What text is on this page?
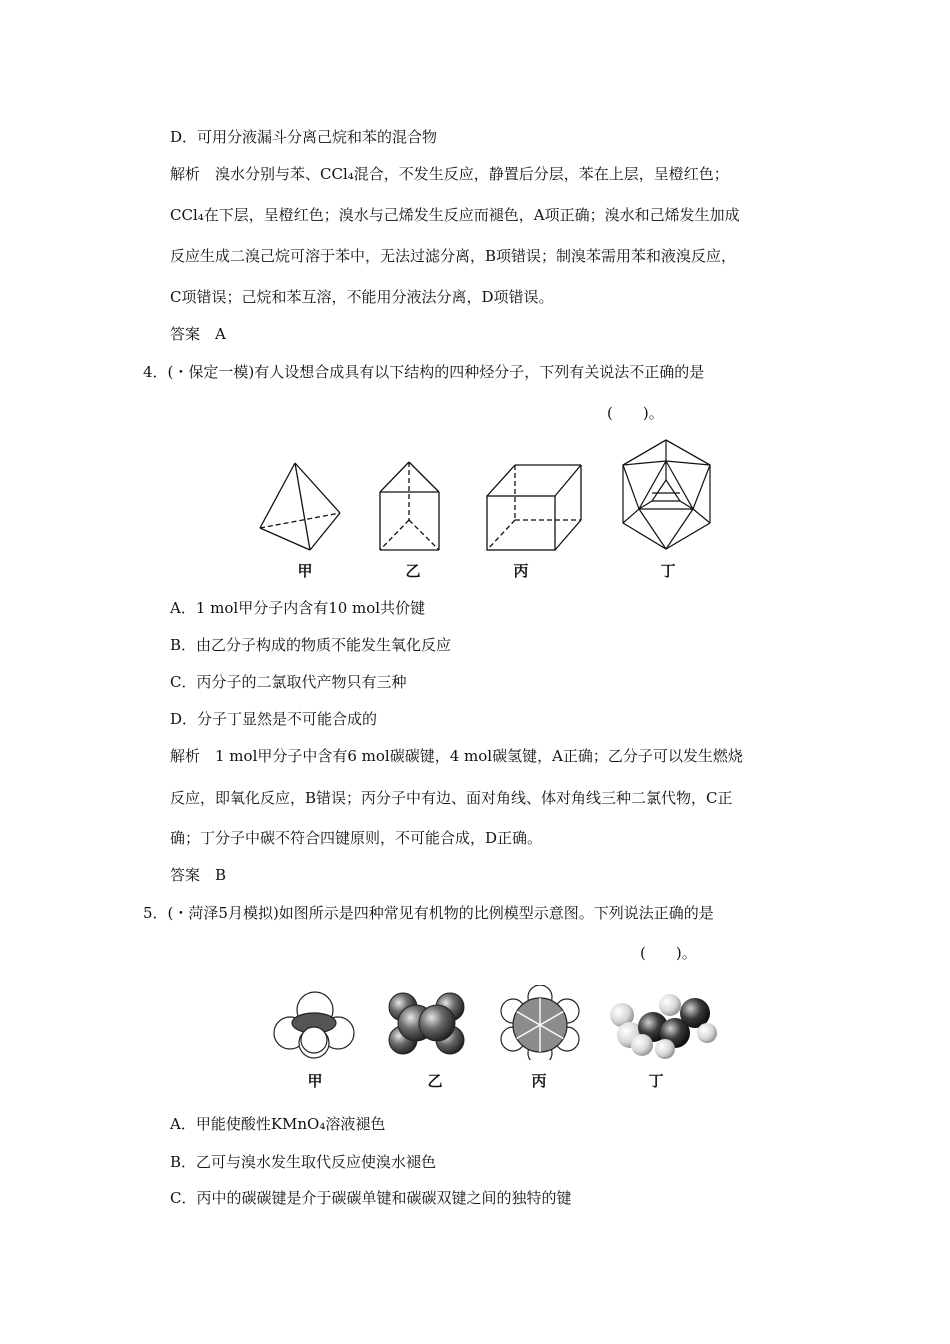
D．可用分液漏斗分离己烷和苯的混合物
解析　溴水分别与苯、CCl₄混合，不发生反应，静置后分层，苯在上层，呈橙红色；
CCl₄在下层，呈橙红色；溴水与己烯发生反应而褪色，A项正确；溴水和己烯发生加成
反应生成二溴己烷可溶于苯中，无法过滤分离，B项错误；制溴苯需用苯和液溴反应，
C项错误；己烷和苯互溶，不能用分液法分离，D项错误。
答案　A
4．(・保定一模)有人设想合成具有以下结构的四种烃分子，下列有关说法不正确的是
(　　)。
甲	乙	丙	丁
A．1 mol甲分子内含有10 mol共价键
B．由乙分子构成的物质不能发生氧化反应
C．丙分子的二氯取代产物只有三种
D．分子丁显然是不可能合成的
解析　1 mol甲分子中含有6 mol碳碳键，4 mol碳氢键，A正确；乙分子可以发生燃烧
反应，即氧化反应，B错误；丙分子中有边、面对角线、体对角线三种二氯代物，C正
确；丁分子中碳不符合四键原则，不可能合成，D正确。
答案　B
5．(・菏泽5月模拟)如图所示是四种常见有机物的比例模型示意图。下列说法正确的是
(　　)。
甲	乙	丙	丁
A．甲能使酸性KMnO₄溶液褪色
B．乙可与溴水发生取代反应使溴水褪色
C．丙中的碳碳键是介于碳碳单键和碳碳双键之间的独特的键
